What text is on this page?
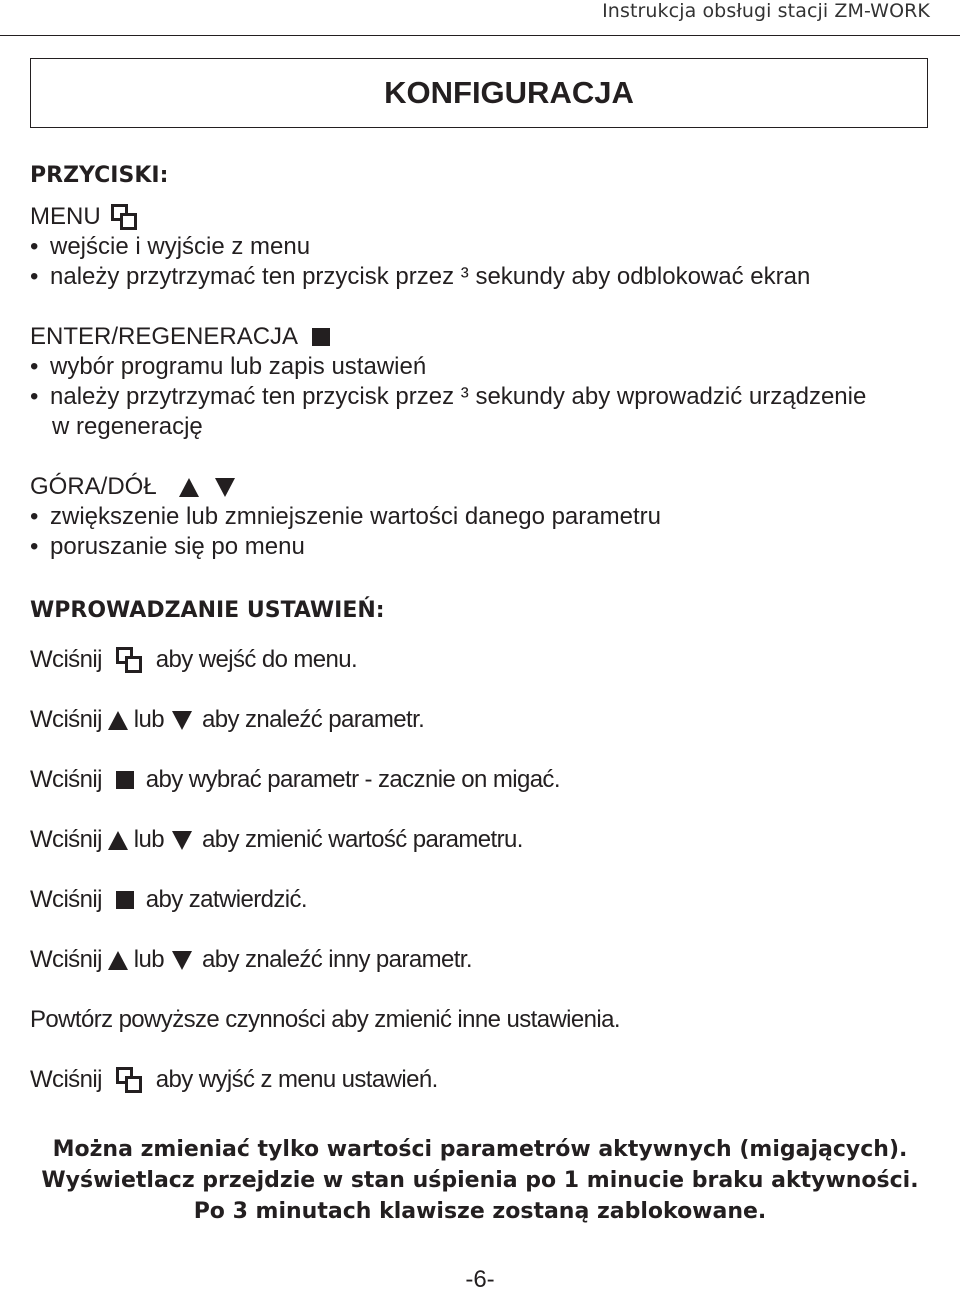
Instrukcja obsługi stacji ZM-WORK
KONFIGURACJA
PRZYCISKI:
MENU
• wejście i wyjście z menu
• należy przytrzymać ten przycisk przez ³ sekundy aby odblokować ekran
ENTER/REGENERACJA
• wybór programu lub zapis ustawień
• należy przytrzymać ten przycisk przez ³ sekundy aby wprowadzić urządzenie
w regenerację
GÓRA/DÓŁ
• zwiększenie lub zmniejszenie wartości danego parametru
• poruszanie się po menu
WPROWADZANIE USTAWIEŃ:
Wciśnij aby wejść do menu.
Wciśnij lub aby znaleźć parametr.
Wciśnij aby wybrać parametr - zacznie on migać.
Wciśnij lub aby zmienić wartość parametru.
Wciśnij aby zatwierdzić.
Wciśnij lub aby znaleźć inny parametr.
Powtórz powyższe czynności aby zmienić inne ustawienia.
Wciśnij aby wyjść z menu ustawień.
Można zmieniać tylko wartości parametrów aktywnych (migających).
Wyświetlacz przejdzie w stan uśpienia po 1 minucie braku aktywności.
Po 3 minutach klawisze zostaną zablokowane.
-6-
